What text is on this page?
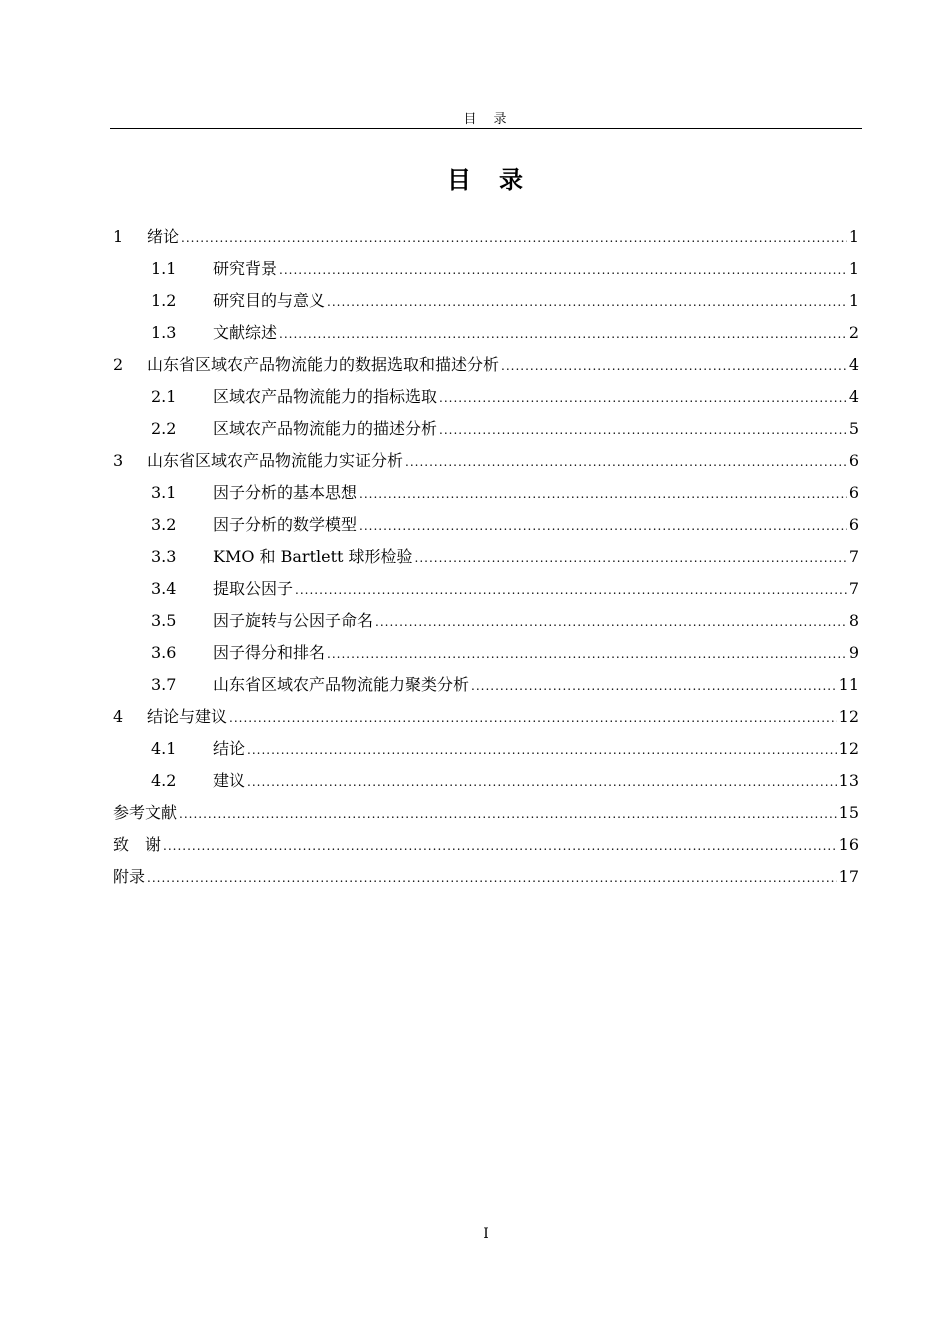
目　录
目　录
1	绪论 .....	1
1.1	研究背景 .....	1
1.2	研究目的与意义 .....	1
1.3	文献综述 .....	2
2	山东省区域农产品物流能力的数据选取和描述分析 .....	4
2.1	区域农产品物流能力的指标选取 .....	4
2.2	区域农产品物流能力的描述分析 .....	5
3	山东省区域农产品物流能力实证分析 .....	6
3.1	因子分析的基本思想 .....	6
3.2	因子分析的数学模型 .....	6
3.3	KMO 和 Bartlett 球形检验 .....	7
3.4	提取公因子 .....	7
3.5	因子旋转与公因子命名 .....	8
3.6	因子得分和排名 .....	9
3.7	山东省区域农产品物流能力聚类分析 .....	11
4	结论与建议 .....	12
4.1	结论 .....	12
4.2	建议 .....	13
参考文献 .....	15
致　谢 .....	16
附录 .....	17
I
